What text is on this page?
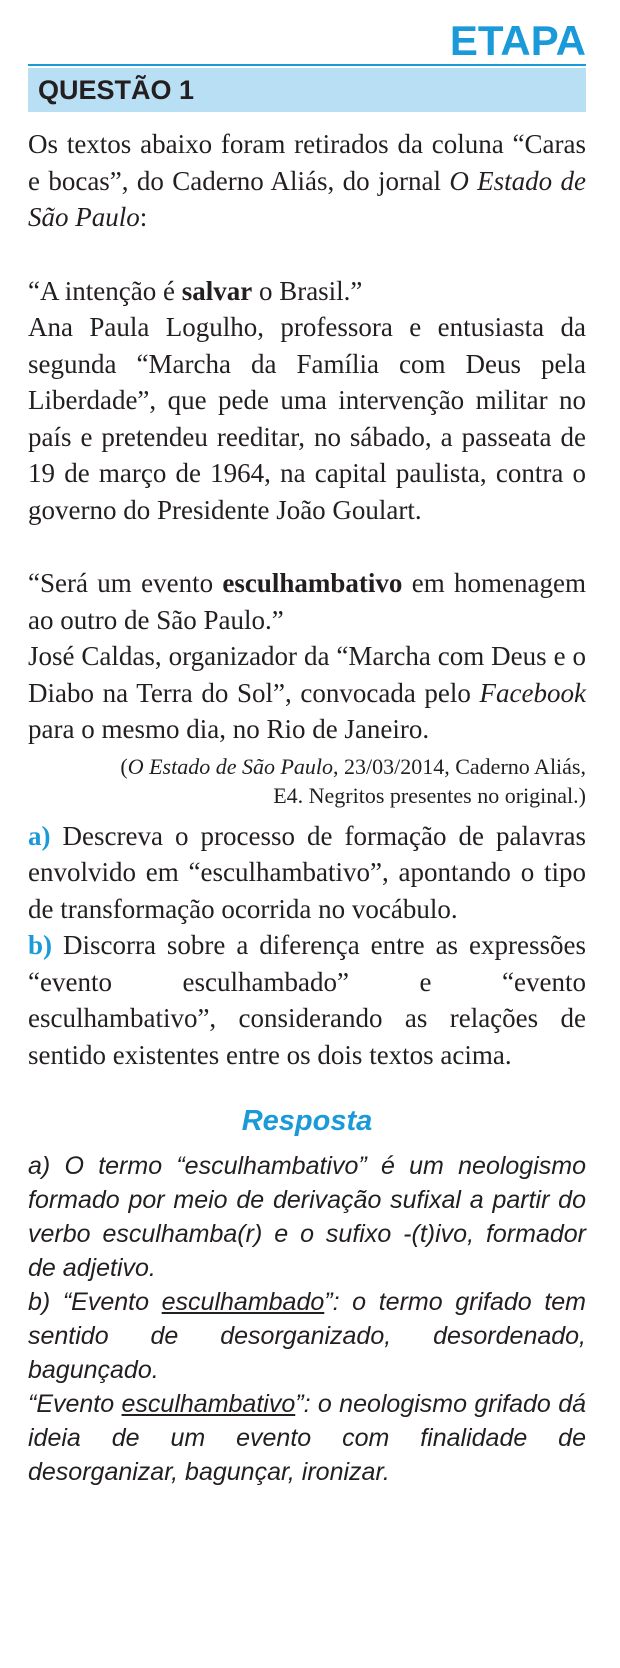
ETAPA
QUESTÃO 1

Os textos abaixo foram retirados da coluna “Caras e bocas”, do Caderno Aliás, do jornal O Estado de São Paulo:

“A intenção é salvar o Brasil.”

Ana Paula Logulho, professora e entusiasta da segunda “Marcha da Família com Deus pela Liberdade”, que pede uma intervenção militar no país e pretendeu reeditar, no sábado, a passeata de 19 de março de 1964, na capital paulista, contra o governo do Presidente João Goulart.

“Será um evento esculhambativo em homenagem ao outro de São Paulo.”

José Caldas, organizador da “Marcha com Deus e o Diabo na Terra do Sol”, convocada pelo Facebook para o mesmo dia, no Rio de Janeiro.

(O Estado de São Paulo, 23/03/2014, Caderno Aliás,

E4. Negritos presentes no original.)

a) Descreva o processo de formação de palavras envolvido em “esculhambativo”, apontando o tipo de transformação ocorrida no vocábulo.

b) Discorra sobre a diferença entre as expressões “evento esculhambado” e “evento esculhambativo”, considerando as relações de sentido existentes entre os dois textos acima.

Resposta

a) O termo “esculhambativo” é um neologismo formado por meio de derivação sufixal a partir do verbo esculhamba(r) e o sufixo -(t)ivo, formador de adjetivo.

b) “Evento esculhambado”: o termo grifado tem sentido de desorganizado, desordenado, bagunçado.

“Evento esculhambativo”: o neologismo grifado dá ideia de um evento com finalidade de desorganizar, bagunçar, ironizar.
